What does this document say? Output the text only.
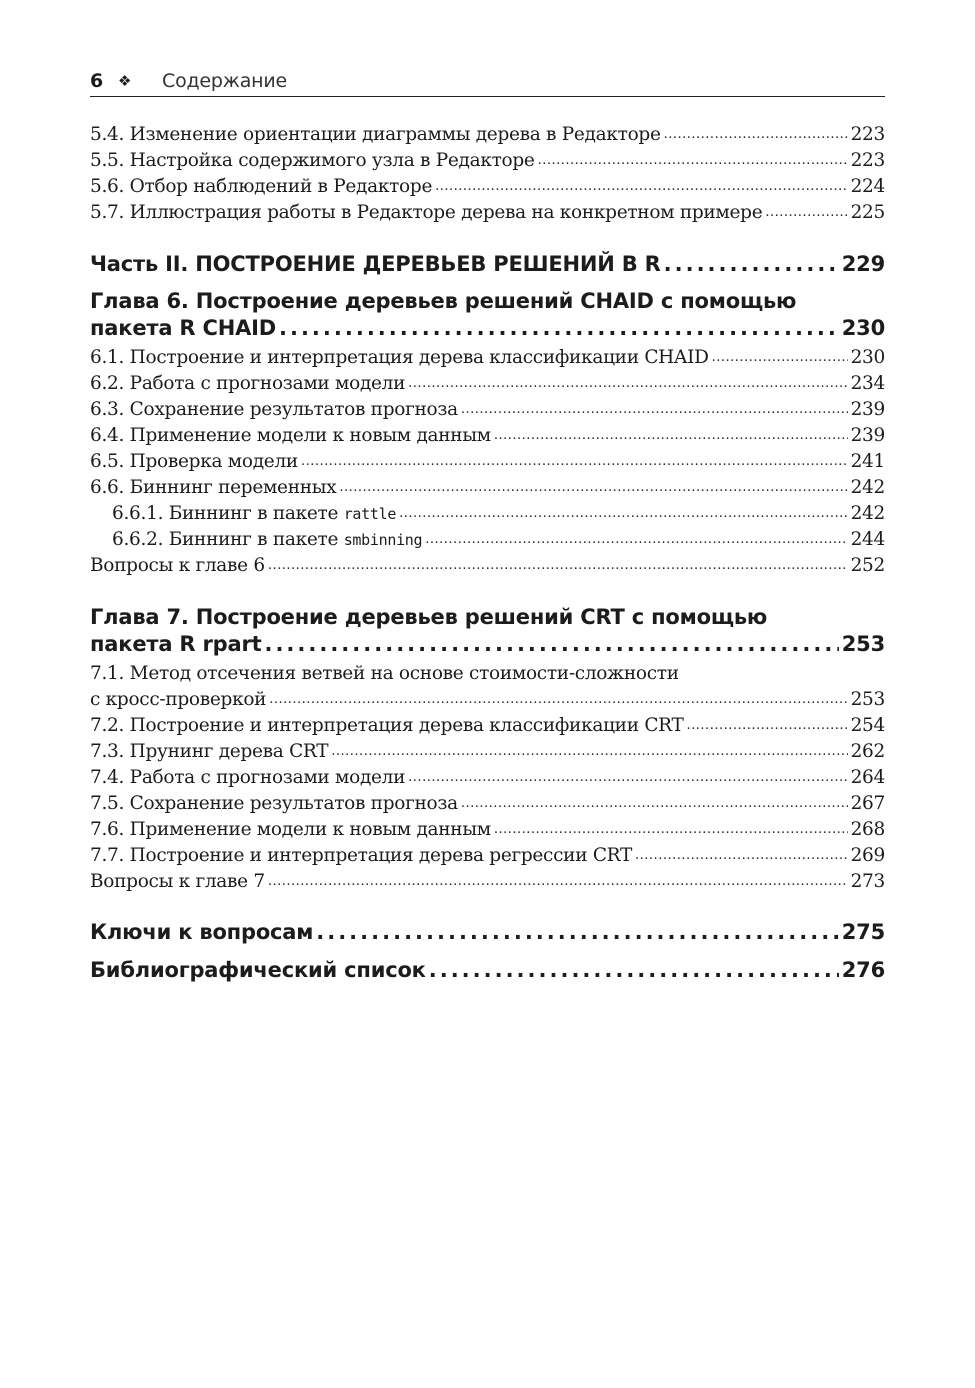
6 ❖	Содержание
5.4. Изменение ориентации диаграммы дерева в Редакторе .....	223
5.5. Настройка содержимого узла в Редакторе .....	223
5.6. Отбор наблюдений в Редакторе .....	224
5.7. Иллюстрация работы в Редакторе дерева на конкретном примере .....	225
Часть II. ПОСТРОЕНИЕ ДЕРЕВЬЕВ РЕШЕНИЙ В R .....	229
Глава 6. Построение деревьев решений CHAID с помощью
пакета R CHAID .....	230
6.1. Построение и интерпретация дерева классификации CHAID .....	230
6.2. Работа с прогнозами модели .....	234
6.3. Сохранение результатов прогноза .....	239
6.4. Применение модели к новым данным .....	239
6.5. Проверка модели .....	241
6.6. Биннинг переменных .....	242
6.6.1. Биннинг в пакете rattle .....	242
6.6.2. Биннинг в пакете smbinning .....	244
Вопросы к главе 6 .....	252
Глава 7. Построение деревьев решений CRT с помощью
пакета R rpart .....	253
7.1. Метод отсечения ветвей на основе стоимости-сложности
с кросс-проверкой .....	253
7.2. Построение и интерпретация дерева классификации CRT .....	254
7.3. Прунинг дерева CRT .....	262
7.4. Работа с прогнозами модели .....	264
7.5. Сохранение результатов прогноза .....	267
7.6. Применение модели к новым данным .....	268
7.7. Построение и интерпретация дерева регрессии CRT .....	269
Вопросы к главе 7 .....	273
Ключи к вопросам .....	275
Библиографический список .....	276
